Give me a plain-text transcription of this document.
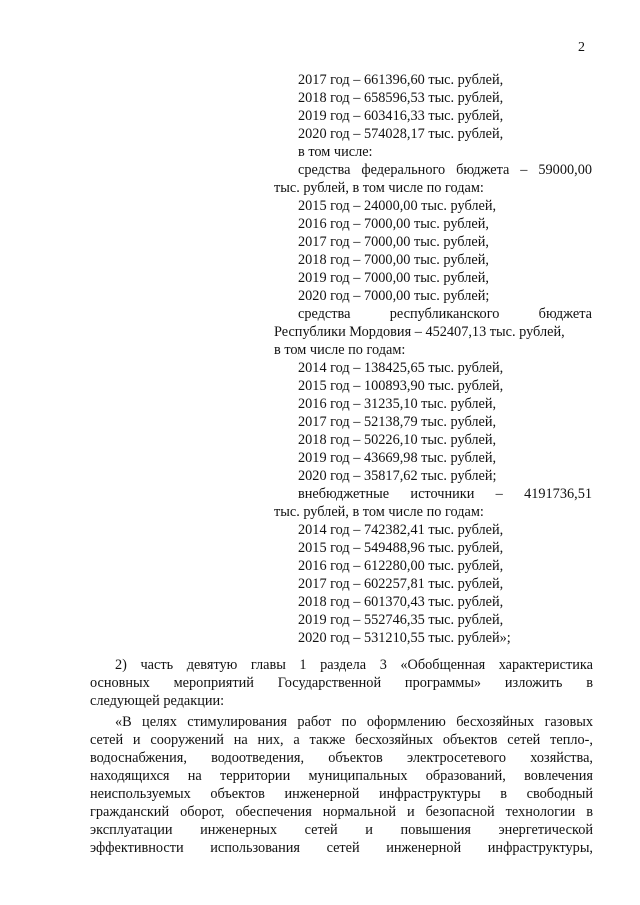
2
2017 год – 661396,60 тыс. рублей,
2018 год – 658596,53 тыс. рублей,
2019 год – 603416,33 тыс. рублей,
2020 год – 574028,17 тыс. рублей,
в том числе:
средства федерального бюджета – 59000,00
тыс. рублей, в том числе по годам:
2015 год – 24000,00 тыс. рублей,
2016 год – 7000,00 тыс. рублей,
2017 год – 7000,00 тыс. рублей,
2018 год – 7000,00 тыс. рублей,
2019 год – 7000,00 тыс. рублей,
2020 год – 7000,00 тыс. рублей;
средства республиканского бюджета
Республики Мордовия – 452407,13 тыс. рублей,
в том числе по годам:
2014 год – 138425,65 тыс. рублей,
2015 год – 100893,90 тыс. рублей,
2016 год – 31235,10 тыс. рублей,
2017 год – 52138,79 тыс. рублей,
2018 год – 50226,10 тыс. рублей,
2019 год – 43669,98 тыс. рублей,
2020 год – 35817,62 тыс. рублей;
внебюджетные источники – 4191736,51
тыс. рублей, в том числе по годам:
2014 год – 742382,41 тыс. рублей,
2015 год – 549488,96 тыс. рублей,
2016 год – 612280,00 тыс. рублей,
2017 год – 602257,81 тыс. рублей,
2018 год – 601370,43 тыс. рублей,
2019 год – 552746,35 тыс. рублей,
2020 год – 531210,55 тыс. рублей»;
2) часть девятую главы 1 раздела 3 «Обобщенная характеристика
основных мероприятий Государственной программы» изложить в
следующей редакции:
«В целях стимулирования работ по оформлению бесхозяйных газовых
сетей и сооружений на них, а также бесхозяйных объектов сетей тепло-,
водоснабжения, водоотведения, объектов электросетевого хозяйства,
находящихся на территории муниципальных образований, вовлечения
неиспользуемых объектов инженерной инфраструктуры в свободный
гражданский оборот, обеспечения нормальной и безопасной технологии в
эксплуатации инженерных сетей и повышения энергетической
эффективности использования сетей инженерной инфраструктуры,
